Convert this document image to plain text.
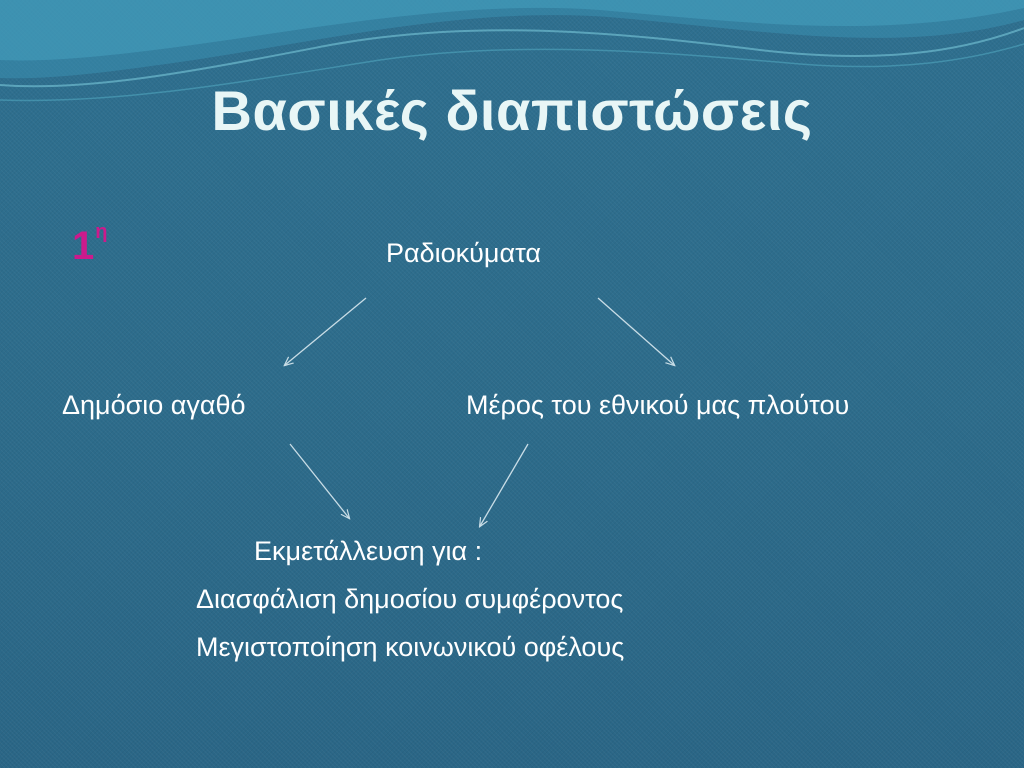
Βασικές διαπιστώσεις
$1^\eta$
Ραδιοκύματα
Δημόσιο αγαθό	Μέρος του εθνικού μας πλούτου
Εκμετάλλευση για :
Διασφάλιση δημοσίου συμφέροντος
Μεγιστοποίηση κοινωνικού οφέλους
